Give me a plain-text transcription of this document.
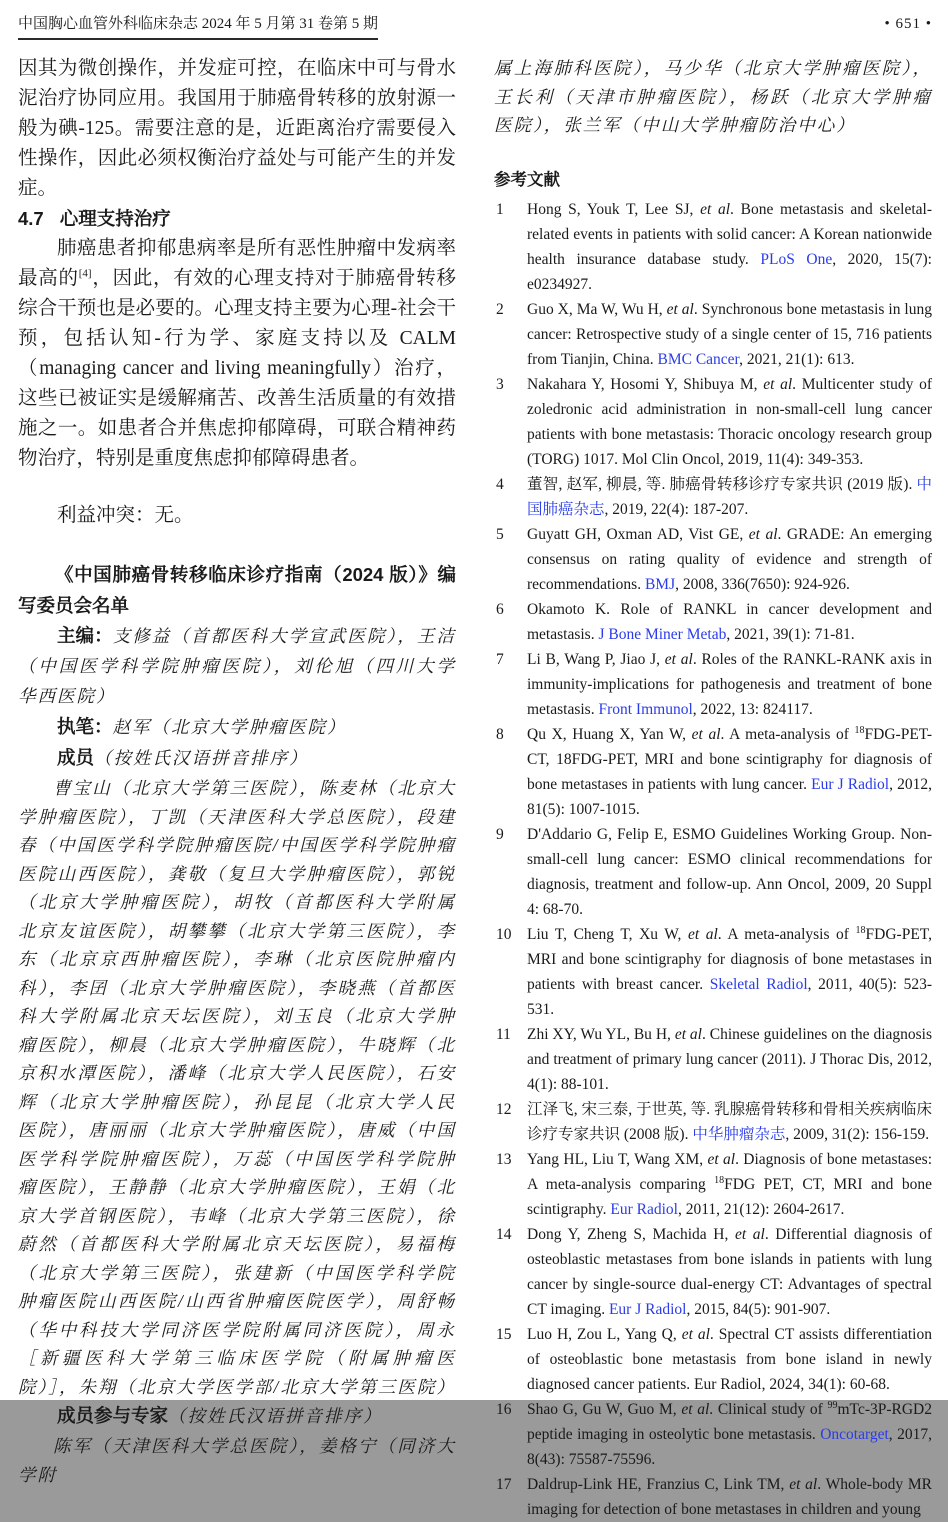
中国胸心血管外科临床杂志 2024 年 5 月第 31 卷第 5 期	• 651 •

因其为微创操作，并发症可控，在临床中可与骨水泥治疗协同应用。我国用于肺癌骨转移的放射源一般为碘-125。需要注意的是，近距离治疗需要侵入性操作，因此必须权衡治疗益处与可能产生的并发症。

4.7 心理支持治疗

肺癌患者抑郁患病率是所有恶性肿瘤中发病率最高的[4]，因此，有效的心理支持对于肺癌骨转移综合干预也是必要的。心理支持主要为心理-社会干预，包括认知-行为学、家庭支持以及 CALM（managing cancer and living meaningfully）治疗，这些已被证实是缓解痛苦、改善生活质量的有效措施之一。如患者合并焦虑抑郁障碍，可联合精神药物治疗，特别是重度焦虑抑郁障碍患者。

利益冲突：无。

《中国肺癌骨转移临床诊疗指南（2024 版）》编写委员会名单

主编：支修益（首都医科大学宣武医院），王洁（中国医学科学院肿瘤医院），刘伦旭（四川大学华西医院）

执笔：赵军（北京大学肿瘤医院）

成员（按姓氏汉语拼音排序）

曹宝山（北京大学第三医院），陈麦林（北京大学肿瘤医院），丁凯（天津医科大学总医院），段建春（中国医学科学院肿瘤医院/中国医学科学院肿瘤医院山西医院），龚敬（复旦大学肿瘤医院），郭锐（北京大学肿瘤医院），胡牧（首都医科大学附属北京友谊医院），胡攀攀（北京大学第三医院），李东（北京京西肿瘤医院），李琳（北京医院肿瘤内科），李囝（北京大学肿瘤医院），李晓燕（首都医科大学附属北京天坛医院），刘玉良（北京大学肿瘤医院），柳晨（北京大学肿瘤医院），牛晓辉（北京积水潭医院），潘峰（北京大学人民医院），石安辉（北京大学肿瘤医院），孙昆昆（北京大学人民医院），唐丽丽（北京大学肿瘤医院），唐威（中国医学科学院肿瘤医院），万蕊（中国医学科学院肿瘤医院），王静静（北京大学肿瘤医院），王娟（北京大学首钢医院），韦峰（北京大学第三医院），徐蔚然（首都医科大学附属北京天坛医院），易福梅（北京大学第三医院），张建新（中国医学科学院肿瘤医院山西医院/山西省肿瘤医院医学），周舒畅（华中科技大学同济医学院附属同济医院），周永［新疆医科大学第三临床医学院（附属肿瘤医院）］，朱翔（北京大学医学部/北京大学第三医院）

成员参与专家（按姓氏汉语拼音排序）

陈军（天津医科大学总医院），姜格宁（同济大学附

属上海肺科医院），马少华（北京大学肿瘤医院），王长利（天津市肿瘤医院），杨跃（北京大学肿瘤医院），张兰军（中山大学肿瘤防治中心）

参考文献
1	Hong S, Youk T, Lee SJ, et al. Bone metastasis and skeletal-related events in patients with solid cancer: A Korean nationwide health insurance database study. PLoS One, 2020, 15(7): e0234927.
2	Guo X, Ma W, Wu H, et al. Synchronous bone metastasis in lung cancer: Retrospective study of a single center of 15, 716 patients from Tianjin, China. BMC Cancer, 2021, 21(1): 613.
3	Nakahara Y, Hosomi Y, Shibuya M, et al. Multicenter study of zoledronic acid administration in non-small-cell lung cancer patients with bone metastasis: Thoracic oncology research group (TORG) 1017. Mol Clin Oncol, 2019, 11(4): 349-353.
4	董智, 赵军, 柳晨, 等. 肺癌骨转移诊疗专家共识 (2019 版). 中国肺癌杂志, 2019, 22(4): 187-207.
5	Guyatt GH, Oxman AD, Vist GE, et al. GRADE: An emerging consensus on rating quality of evidence and strength of recommendations. BMJ, 2008, 336(7650): 924-926.
6	Okamoto K. Role of RANKL in cancer development and metastasis. J Bone Miner Metab, 2021, 39(1): 71-81.
7	Li B, Wang P, Jiao J, et al. Roles of the RANKL-RANK axis in immunity-implications for pathogenesis and treatment of bone metastasis. Front Immunol, 2022, 13: 824117.
8	Qu X, Huang X, Yan W, et al. A meta-analysis of $^{18}$FDG-PET-CT, 18FDG-PET, MRI and bone scintigraphy for diagnosis of bone metastases in patients with lung cancer. Eur J Radiol, 2012, 81(5): 1007-1015.
9	D'Addario G, Felip E, ESMO Guidelines Working Group. Non-small-cell lung cancer: ESMO clinical recommendations for diagnosis, treatment and follow-up. Ann Oncol, 2009, 20 Suppl 4: 68-70.
10	Liu T, Cheng T, Xu W, et al. A meta-analysis of $^{18}$FDG-PET, MRI and bone scintigraphy for diagnosis of bone metastases in patients with breast cancer. Skeletal Radiol, 2011, 40(5): 523-531.
11	Zhi XY, Wu YL, Bu H, et al. Chinese guidelines on the diagnosis and treatment of primary lung cancer (2011). J Thorac Dis, 2012, 4(1): 88-101.
12	江泽飞, 宋三泰, 于世英, 等. 乳腺癌骨转移和骨相关疾病临床诊疗专家共识 (2008 版). 中华肿瘤杂志, 2009, 31(2): 156-159.
13	Yang HL, Liu T, Wang XM, et al. Diagnosis of bone metastases: A meta-analysis comparing $^{18}$FDG PET, CT, MRI and bone scintigraphy. Eur Radiol, 2011, 21(12): 2604-2617.
14	Dong Y, Zheng S, Machida H, et al. Differential diagnosis of osteoblastic metastases from bone islands in patients with lung cancer by single-source dual-energy CT: Advantages of spectral CT imaging. Eur J Radiol, 2015, 84(5): 901-907.
15	Luo H, Zou L, Yang Q, et al. Spectral CT assists differentiation of osteoblastic bone metastasis from bone island in newly diagnosed cancer patients. Eur Radiol, 2024, 34(1): 60-68.
16	Shao G, Gu W, Guo M, et al. Clinical study of $^{99}$mTc-3P-RGD2 peptide imaging in osteolytic bone metastasis. Oncotarget, 2017, 8(43): 75587-75596.
17	Daldrup-Link HE, Franzius C, Link TM, et al. Whole-body MR imaging for detection of bone metastases in children and young
